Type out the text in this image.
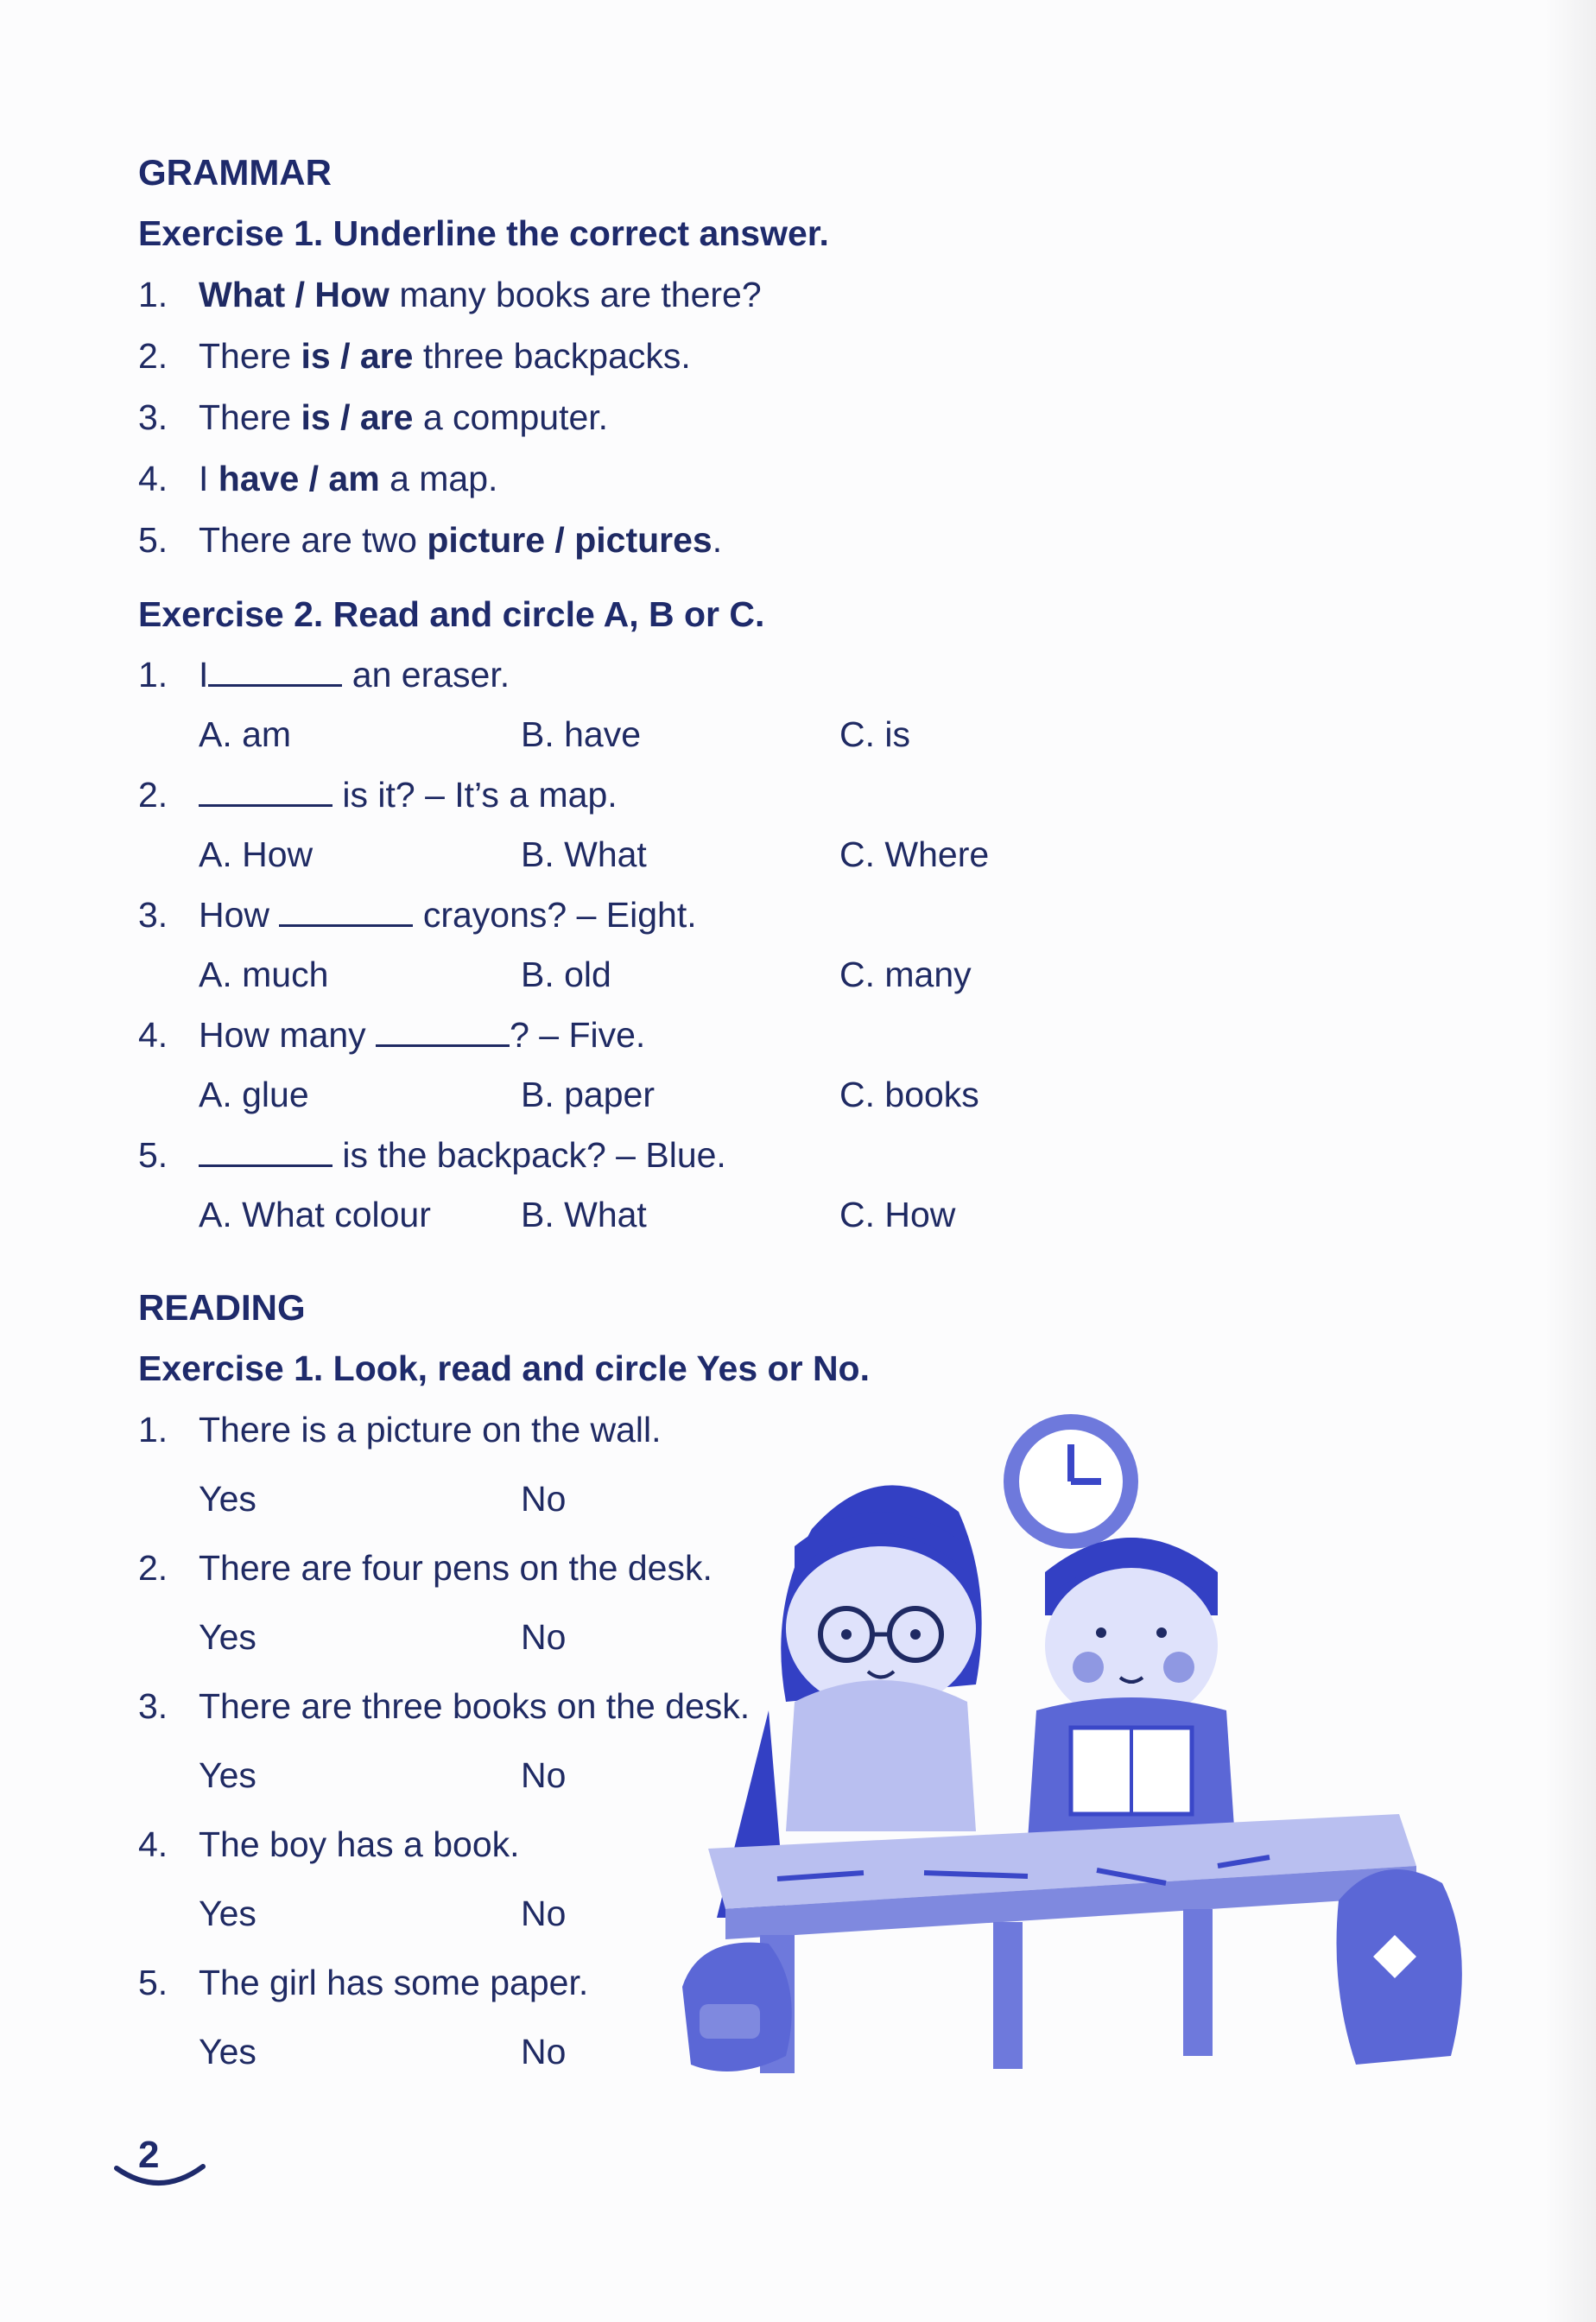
GRAMMAR
Exercise 1. Underline the correct answer.
1. What / How many books are there?
2. There is / are three backpacks.
3. There is / are a computer.
4. I have / am a map.
5. There are two picture / pictures.
Exercise 2. Read and circle A, B or C.
1. I	an eraser.
A. am	B. have	C. is
2.	is it? – It’s a map.
A. How	B. What	C. Where
3. How	crayons? – Eight.
A. much	B. old	C. many
4. How many	? – Five.
A. glue	B. paper	C. books
5.	is the backpack? – Blue.
A. What colour	B. What	C. How
READING
Exercise 1. Look, read and circle Yes or No.
1. There is a picture on the wall.
Yes	No
2. There are four pens on the desk.
Yes	No
3. There are three books on the desk.
Yes	No
4. The boy has a book.
Yes	No
5. The girl has some paper.
Yes	No
2
